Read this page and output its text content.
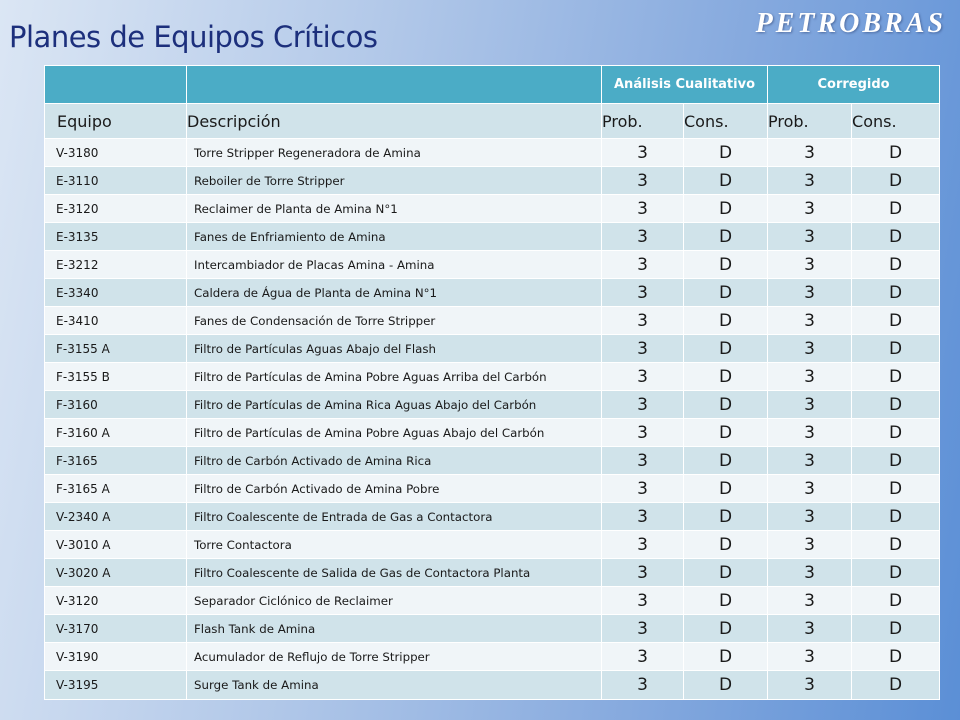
PETROBRAS
Planes de Equipos Críticos
		Análisis Cualitativo		Corregido	
Equipo	Descripción	Prob.	Cons.	Prob.	Cons.
V-3180	Torre Stripper Regeneradora de Amina	3	D	3	D
E-3110	Reboiler de Torre Stripper	3	D	3	D
E-3120	Reclaimer de Planta de Amina N°1	3	D	3	D
E-3135	Fanes de Enfriamiento de Amina	3	D	3	D
E-3212	Intercambiador de Placas Amina - Amina	3	D	3	D
E-3340	Caldera de Água de Planta de Amina N°1	3	D	3	D
E-3410	Fanes de Condensación de Torre Stripper	3	D	3	D
F-3155 A	Filtro de Partículas Aguas Abajo del Flash	3	D	3	D
F-3155 B	Filtro de Partículas de Amina Pobre Aguas Arriba del Carbón	3	D	3	D
F-3160	Filtro de Partículas de Amina Rica Aguas Abajo del Carbón	3	D	3	D
F-3160 A	Filtro de Partículas de Amina Pobre Aguas Abajo del Carbón	3	D	3	D
F-3165	Filtro de Carbón Activado de Amina Rica	3	D	3	D
F-3165 A	Filtro de Carbón Activado de Amina Pobre	3	D	3	D
V-2340 A	Filtro Coalescente de Entrada de Gas a Contactora	3	D	3	D
V-3010 A	Torre Contactora	3	D	3	D
V-3020 A	Filtro Coalescente de Salida de Gas de Contactora Planta	3	D	3	D
V-3120	Separador Ciclónico de Reclaimer	3	D	3	D
V-3170	Flash Tank de Amina	3	D	3	D
V-3190	Acumulador de Reflujo de Torre Stripper	3	D	3	D
V-3195	Surge Tank de Amina	3	D	3	D
